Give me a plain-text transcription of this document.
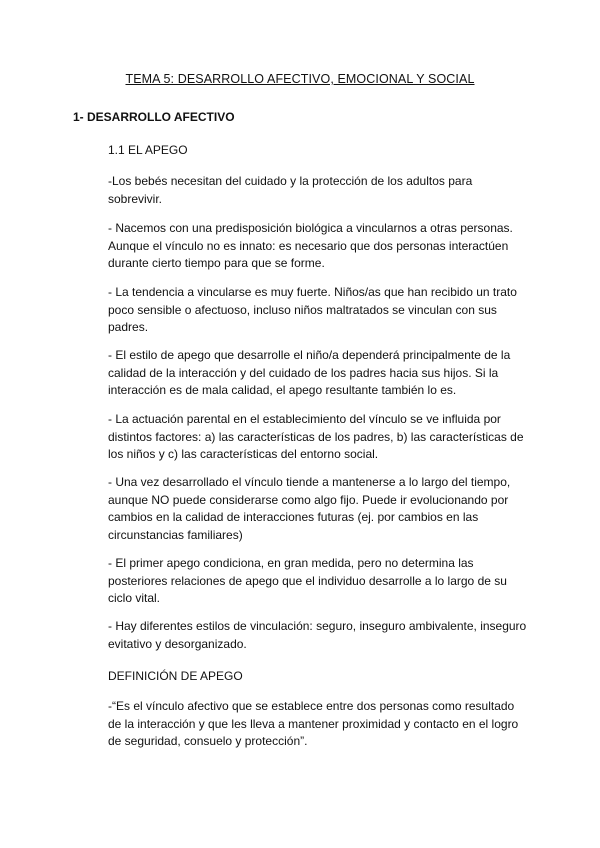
TEMA 5: DESARROLLO AFECTIVO, EMOCIONAL Y SOCIAL
1- DESARROLLO AFECTIVO
1.1 EL APEGO

-Los bebés necesitan del cuidado y la protección de los adultos para sobrevivir.

- Nacemos con una predisposición biológica a vincularnos a otras personas. Aunque el vínculo no es innato: es necesario que dos personas interactúen durante cierto tiempo para que se forme.

- La tendencia a vincularse es muy fuerte. Niños/as que han recibido un trato poco sensible o afectuoso, incluso niños maltratados se vinculan con sus padres.

- El estilo de apego que desarrolle el niño/a dependerá principalmente de la calidad de la interacción y del cuidado de los padres hacia sus hijos. Si la interacción es de mala calidad, el apego resultante también lo es.

- La actuación parental en el establecimiento del vínculo se ve influida por distintos factores: a) las características de los padres, b) las características de los niños y c) las características del entorno social.

- Una vez desarrollado el vínculo tiende a mantenerse a lo largo del tiempo, aunque NO puede considerarse como algo fijo. Puede ir evolucionando por cambios en la calidad de interacciones futuras (ej. por cambios en las circunstancias familiares)

- El primer apego condiciona, en gran medida, pero no determina las posteriores relaciones de apego que el individuo desarrolle a lo largo de su ciclo vital.

- Hay diferentes estilos de vinculación: seguro, inseguro ambivalente, inseguro evitativo y desorganizado.

DEFINICIÓN DE APEGO

-“Es el vínculo afectivo que se establece entre dos personas como resultado de la interacción y que les lleva a mantener proximidad y contacto en el logro de seguridad, consuelo y protección”.
